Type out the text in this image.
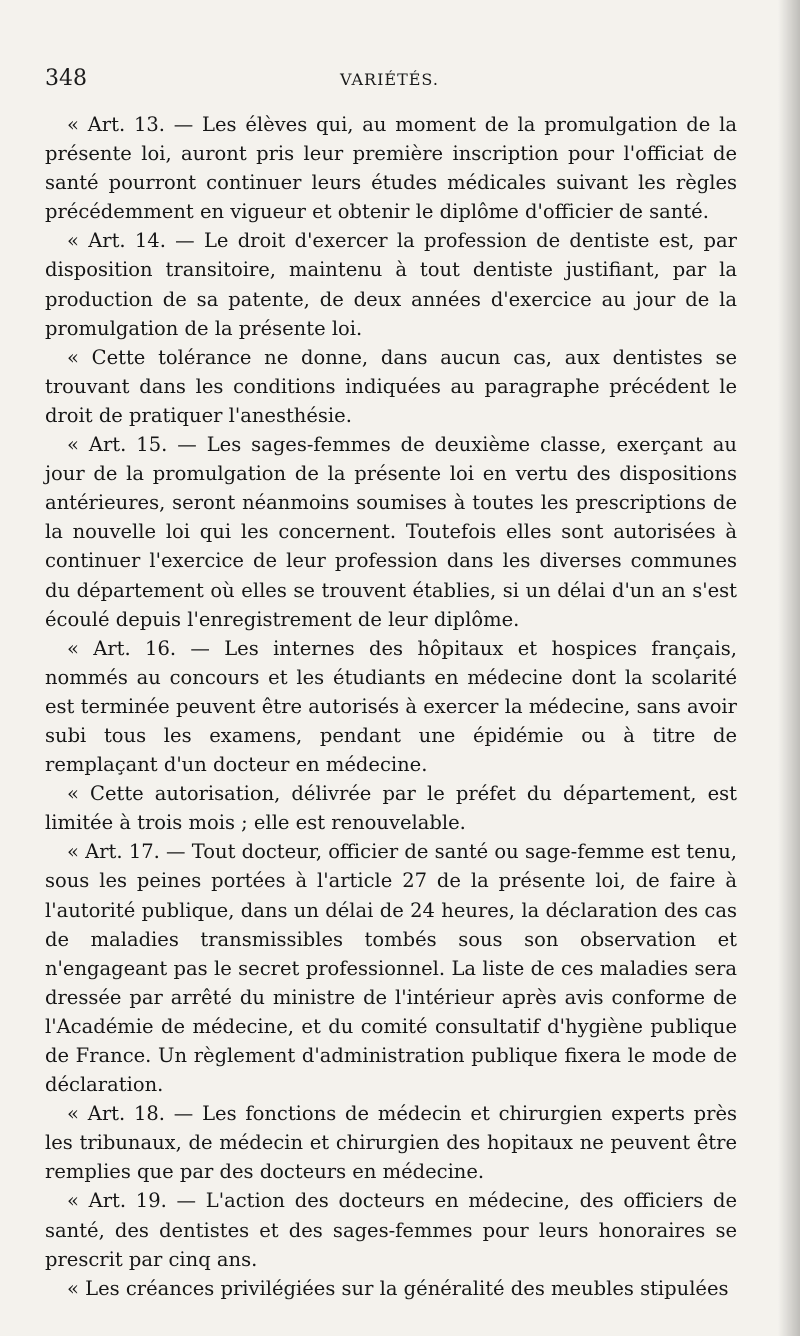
348	VARIÉTÉS.

« Art. 13. — Les élèves qui, au moment de la promulgation de la présente loi, auront pris leur première inscription pour l'officiat de santé pourront continuer leurs études médicales suivant les règles précédemment en vigueur et obtenir le diplôme d'officier de santé.

« Art. 14. — Le droit d'exercer la profession de dentiste est, par disposition transitoire, maintenu à tout dentiste justifiant, par la production de sa patente, de deux années d'exercice au jour de la promulgation de la présente loi.

« Cette tolérance ne donne, dans aucun cas, aux dentistes se trouvant dans les conditions indiquées au paragraphe précédent le droit de pratiquer l'anesthésie.

« Art. 15. — Les sages-femmes de deuxième classe, exerçant au jour de la promulgation de la présente loi en vertu des dispositions antérieures, seront néanmoins soumises à toutes les prescriptions de la nouvelle loi qui les concernent. Toutefois elles sont autorisées à continuer l'exercice de leur profession dans les diverses communes du département où elles se trouvent établies, si un délai d'un an s'est écoulé depuis l'enregistrement de leur diplôme.

« Art. 16. — Les internes des hôpitaux et hospices français, nommés au concours et les étudiants en médecine dont la scolarité est terminée peuvent être autorisés à exercer la médecine, sans avoir subi tous les examens, pendant une épidémie ou à titre de remplaçant d'un docteur en médecine.

« Cette autorisation, délivrée par le préfet du département, est limitée à trois mois ; elle est renouvelable.

« Art. 17. — Tout docteur, officier de santé ou sage-femme est tenu, sous les peines portées à l'article 27 de la présente loi, de faire à l'autorité publique, dans un délai de 24 heures, la déclaration des cas de maladies transmissibles tombés sous son observation et n'engageant pas le secret professionnel. La liste de ces maladies sera dressée par arrêté du ministre de l'intérieur après avis conforme de l'Académie de médecine, et du comité consultatif d'hygiène publique de France. Un règlement d'administration publique fixera le mode de déclaration.

« Art. 18. — Les fonctions de médecin et chirurgien experts près les tribunaux, de médecin et chirurgien des hopitaux ne peuvent être remplies que par des docteurs en médecine.

« Art. 19. — L'action des docteurs en médecine, des officiers de santé, des dentistes et des sages-femmes pour leurs honoraires se prescrit par cinq ans.

« Les créances privilégiées sur la généralité des meubles stipulées
